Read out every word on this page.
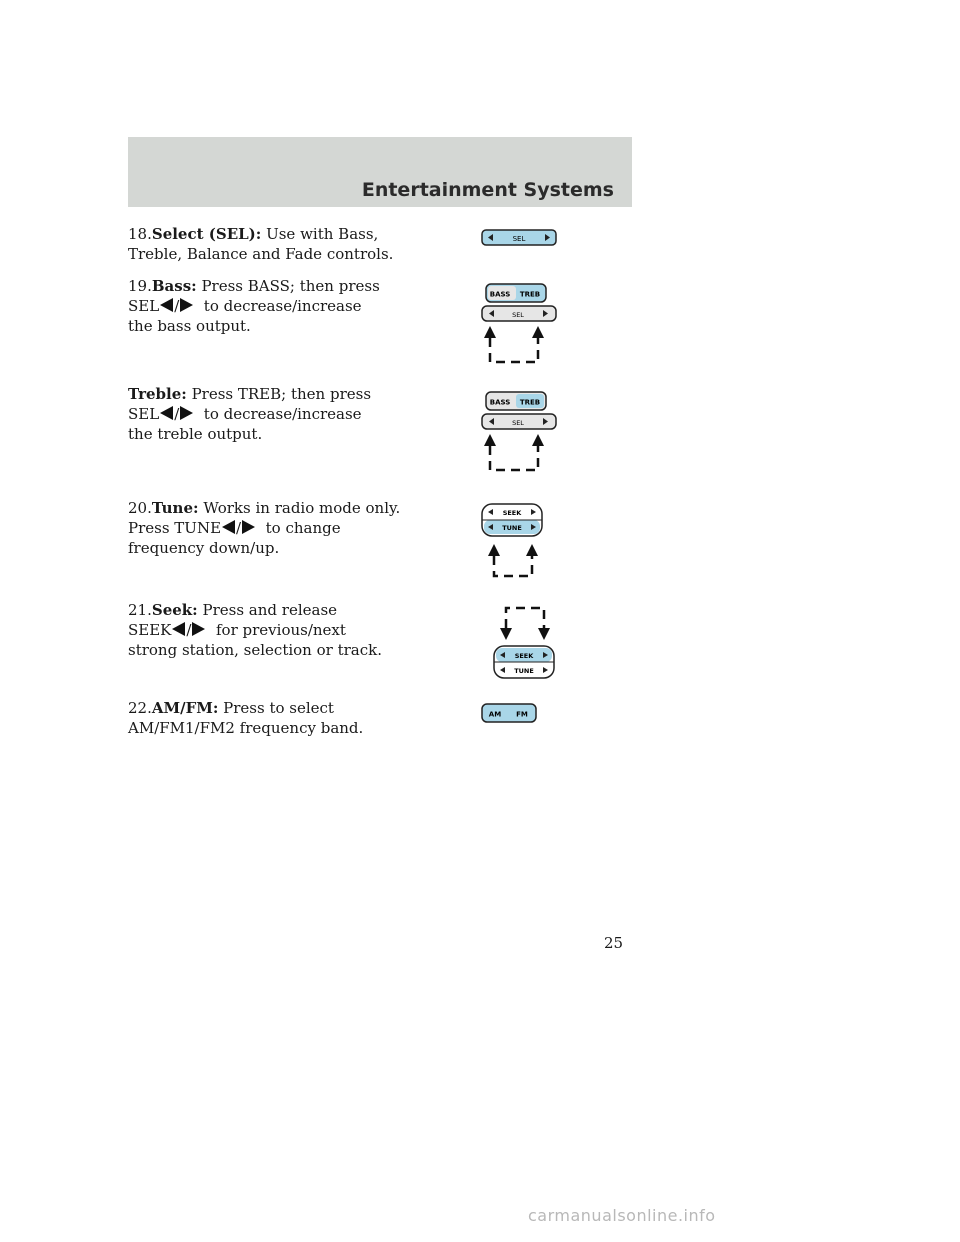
Entertainment Systems
18.Select (SEL): Use with Bass,
Treble, Balance and Fade controls.
19.Bass: Press BASS; then press
SEL / to decrease/increase
the bass output.
Treble: Press TREB; then press
SEL / to decrease/increase
the treble output.
20.Tune: Works in radio mode only.
Press TUNE / to change
frequency down/up.
21.Seek: Press and release
SEEK / for previous/next
strong station, selection or track.
22.AM/FM: Press to select
AM/FM1/FM2 frequency band.
SEL
BASS TREB
SEL
BASS TREB
SEL
SEEK
TUNE
SEEK
TUNE
AM FM
25
carmanualsonline.info
